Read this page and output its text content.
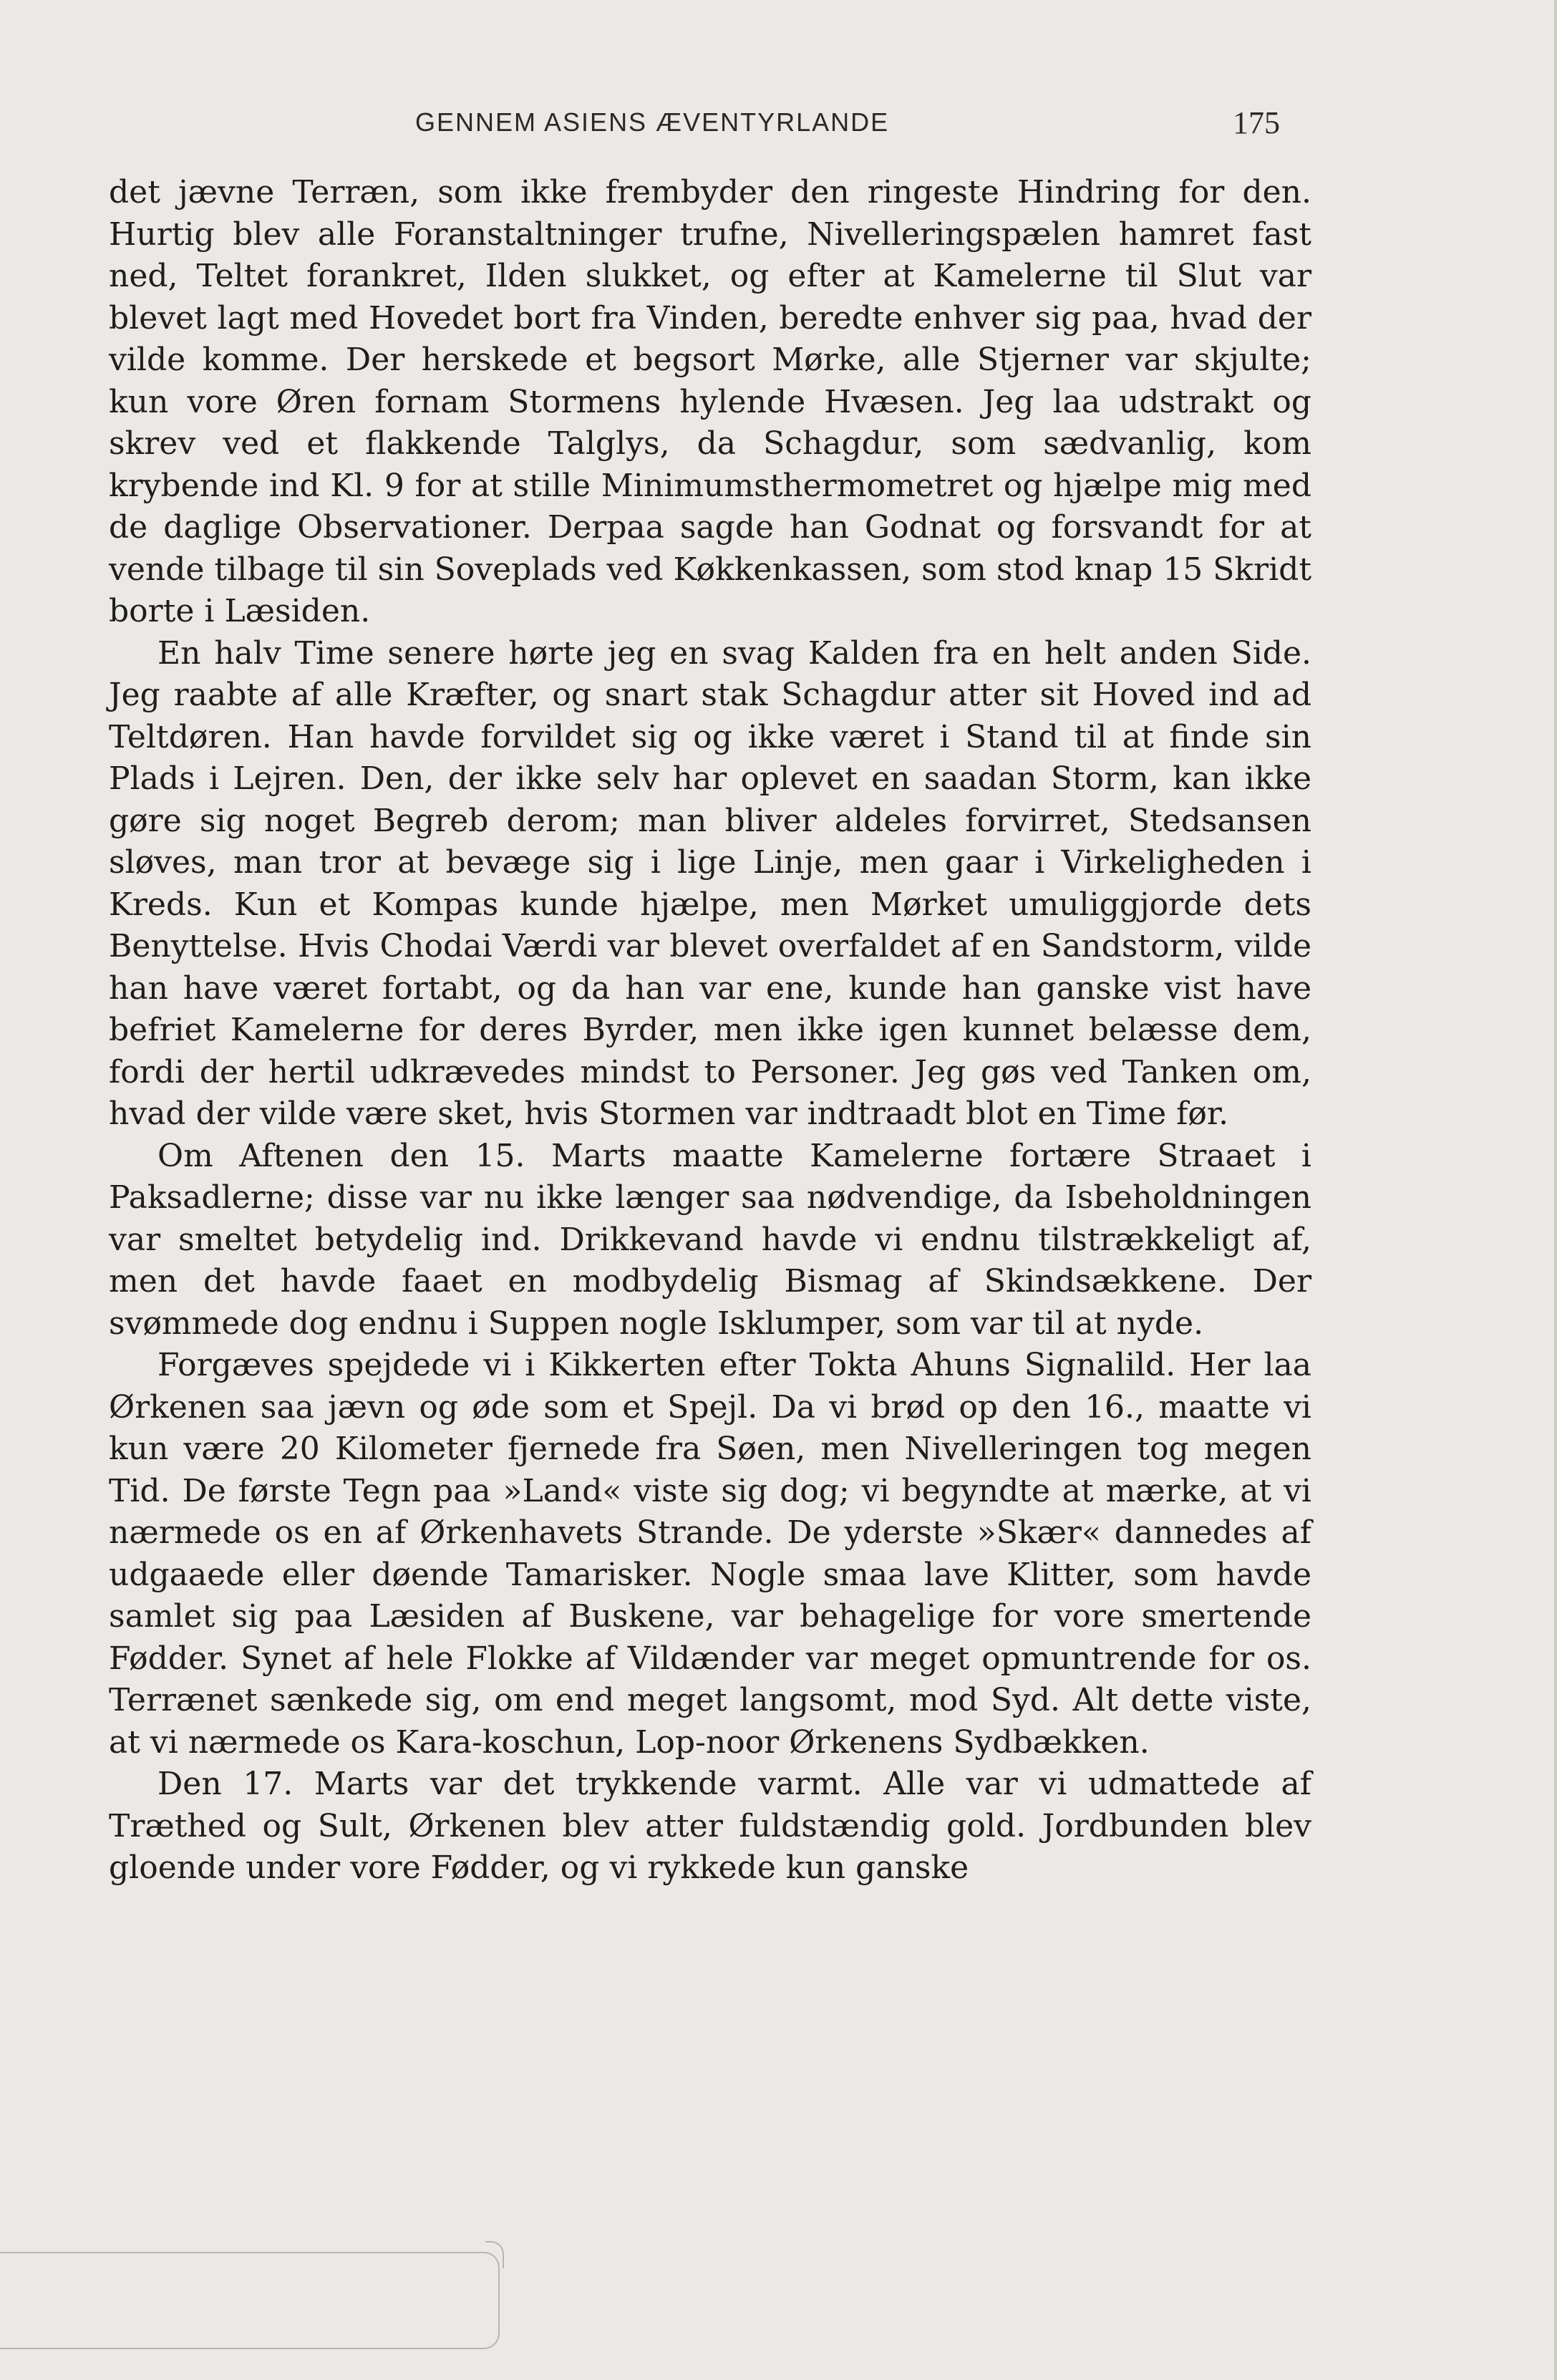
GENNEM ASIENS ÆVENTYRLANDE	175

det jævne Terræn, som ikke frembyder den ringeste Hindring for den. Hurtig blev alle Foranstaltninger trufne, Nivelleringspælen hamret fast ned, Teltet forankret, Ilden slukket, og efter at Kamelerne til Slut var blevet lagt med Hovedet bort fra Vinden, beredte enhver sig paa, hvad der vilde komme. Der herskede et begsort Mørke, alle Stjerner var skjulte; kun vore Øren fornam Stormens hylende Hvæsen. Jeg laa udstrakt og skrev ved et flakkende Talglys, da Schagdur, som sædvanlig, kom krybende ind Kl. 9 for at stille Minimumsthermometret og hjælpe mig med de daglige Observationer. Derpaa sagde han Godnat og forsvandt for at vende tilbage til sin Soveplads ved Køkkenkassen, som stod knap 15 Skridt borte i Læsiden.

En halv Time senere hørte jeg en svag Kalden fra en helt anden Side. Jeg raabte af alle Kræfter, og snart stak Schagdur atter sit Hoved ind ad Teltdøren. Han havde forvildet sig og ikke været i Stand til at finde sin Plads i Lejren. Den, der ikke selv har oplevet en saadan Storm, kan ikke gøre sig noget Begreb derom; man bliver aldeles forvirret, Stedsansen sløves, man tror at bevæge sig i lige Linje, men gaar i Virkeligheden i Kreds. Kun et Kompas kunde hjælpe, men Mørket umuliggjorde dets Benyttelse. Hvis Chodai Værdi var blevet overfaldet af en Sandstorm, vilde han have været fortabt, og da han var ene, kunde han ganske vist have befriet Kamelerne for deres Byrder, men ikke igen kunnet belæsse dem, fordi der hertil udkrævedes mindst to Personer. Jeg gøs ved Tanken om, hvad der vilde være sket, hvis Stormen var indtraadt blot en Time før.

Om Aftenen den 15. Marts maatte Kamelerne fortære Straaet i Paksadlerne; disse var nu ikke længer saa nødvendige, da Isbeholdningen var smeltet betydelig ind. Drikkevand havde vi endnu tilstrækkeligt af, men det havde faaet en modbydelig Bismag af Skindsækkene. Der svømmede dog endnu i Suppen nogle Isklumper, som var til at nyde.

Forgæves spejdede vi i Kikkerten efter Tokta Ahuns Signalild. Her laa Ørkenen saa jævn og øde som et Spejl. Da vi brød op den 16., maatte vi kun være 20 Kilometer fjernede fra Søen, men Nivelleringen tog megen Tid. De første Tegn paa »Land« viste sig dog; vi begyndte at mærke, at vi nærmede os en af Ørkenhavets Strande. De yderste »Skær« dannedes af udgaaede eller døende Tamarisker. Nogle smaa lave Klitter, som havde samlet sig paa Læsiden af Buskene, var behagelige for vore smertende Fødder. Synet af hele Flokke af Vildænder var meget opmuntrende for os. Terrænet sænkede sig, om end meget langsomt, mod Syd. Alt dette viste, at vi nærmede os Kara-koschun, Lop-noor Ørkenens Sydbækken.

Den 17. Marts var det trykkende varmt. Alle var vi udmattede af Træthed og Sult, Ørkenen blev atter fuldstændig gold. Jordbunden blev gloende under vore Fødder, og vi rykkede kun ganske
